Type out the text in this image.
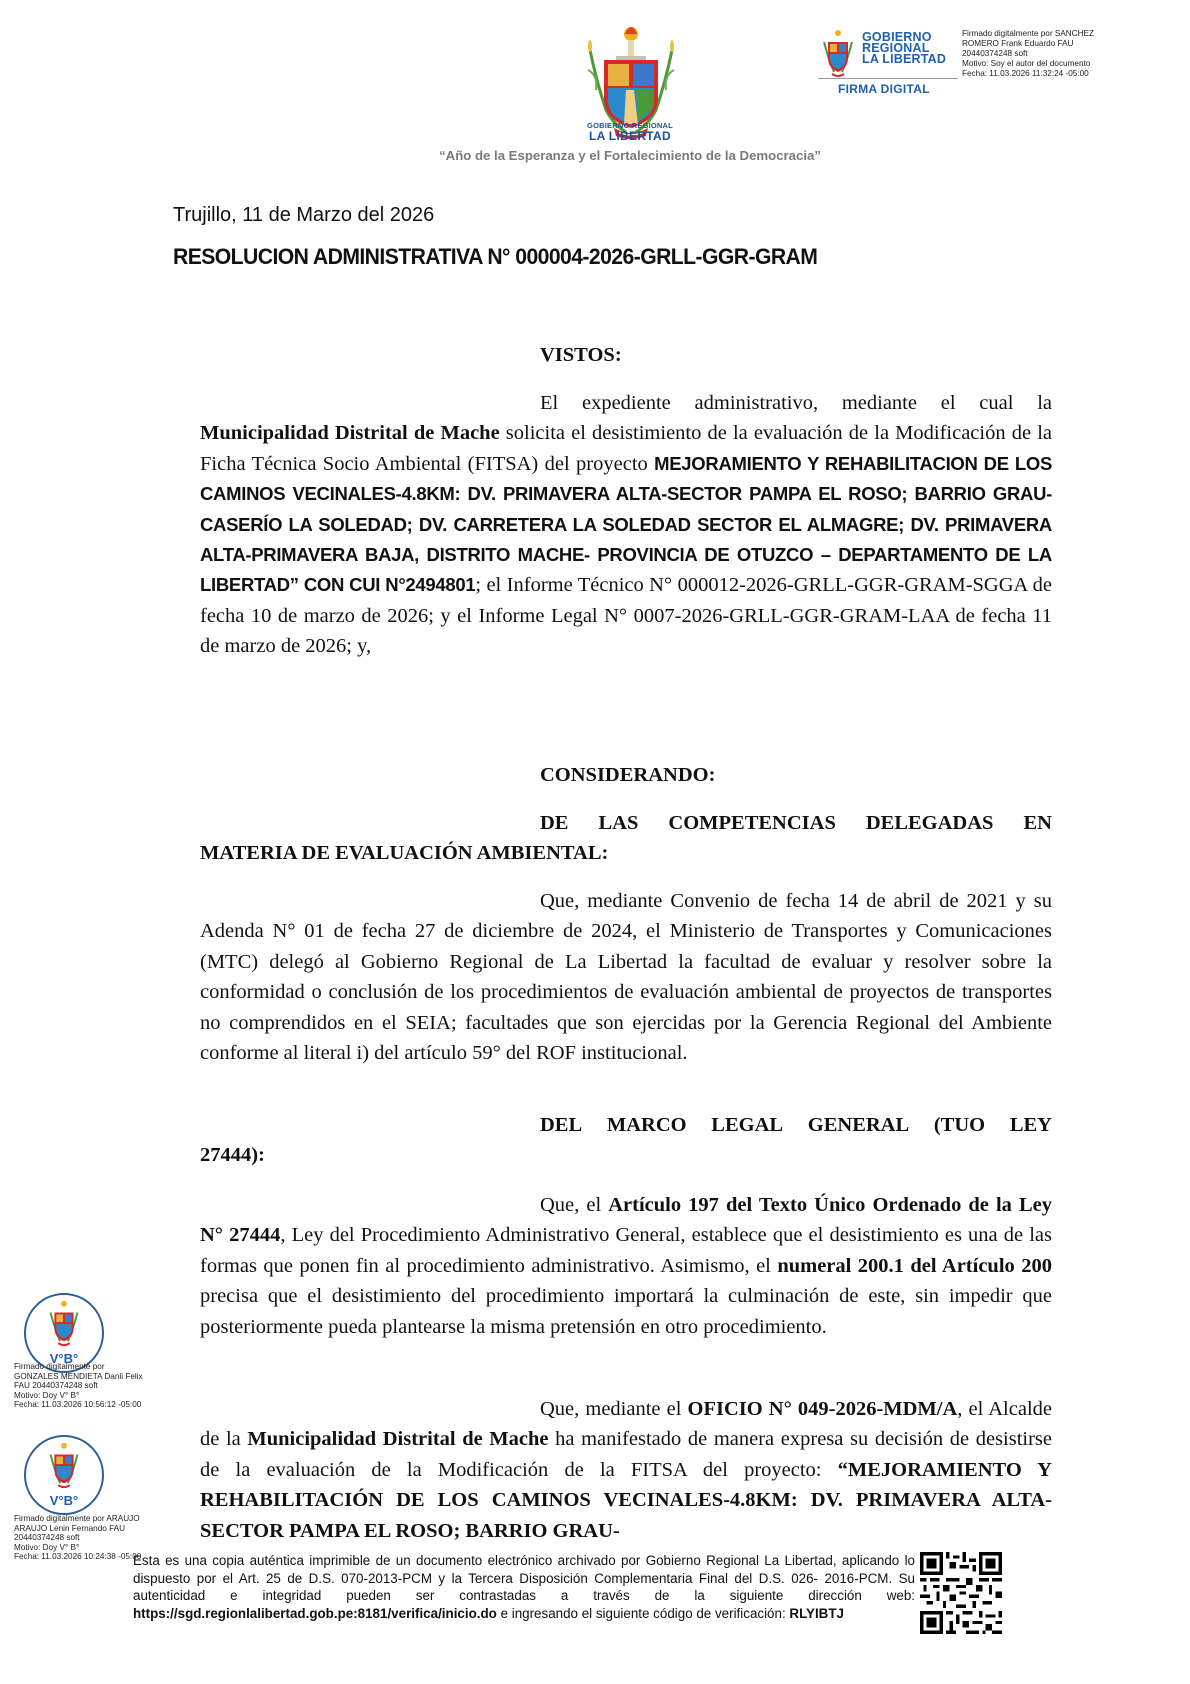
GOBIERNO REGIONAL
LA LIBERTAD
“Año de la Esperanza y el Fortalecimiento de la Democracia”
GOBIERNO
REGIONAL
LA LIBERTAD
FIRMA DIGITAL
Firmado digitalmente por SANCHEZ
ROMERO Frank Eduardo FAU
20440374248 soft
Motivo: Soy el autor del documento
Fecha: 11.03.2026 11:32:24 -05:00
Trujillo, 11 de Marzo del 2026
RESOLUCION ADMINISTRATIVA N° 000004-2026-GRLL-GGR-GRAM
VISTOS:
El expediente administrativo, mediante el cual la Municipalidad Distrital de Mache solicita el desistimiento de la evaluación de la Modificación de la Ficha Técnica Socio Ambiental (FITSA) del proyecto MEJORAMIENTO Y REHABILITACION DE LOS CAMINOS VECINALES-4.8KM: DV. PRIMAVERA ALTA-SECTOR PAMPA EL ROSO; BARRIO GRAU-CASERÍO LA SOLEDAD; DV. CARRETERA LA SOLEDAD SECTOR EL ALMAGRE; DV. PRIMAVERA ALTA-PRIMAVERA BAJA, DISTRITO MACHE- PROVINCIA DE OTUZCO – DEPARTAMENTO DE LA LIBERTAD” CON CUI N°2494801; el Informe Técnico N° 000012-2026-GRLL-GGR-GRAM-SGGA de fecha 10 de marzo de 2026; y el Informe Legal N° 0007-2026-GRLL-GGR-GRAM-LAA de fecha 11 de marzo de 2026; y,
CONSIDERANDO:
DE LAS COMPETENCIAS DELEGADAS EN
MATERIA DE EVALUACIÓN AMBIENTAL:
Que, mediante Convenio de fecha 14 de abril de 2021 y su Adenda N° 01 de fecha 27 de diciembre de 2024, el Ministerio de Transportes y Comunicaciones (MTC) delegó al Gobierno Regional de La Libertad la facultad de evaluar y resolver sobre la conformidad o conclusión de los procedimientos de evaluación ambiental de proyectos de transportes no comprendidos en el SEIA; facultades que son ejercidas por la Gerencia Regional del Ambiente conforme al literal i) del artículo 59° del ROF institucional.
DEL MARCO LEGAL GENERAL (TUO LEY
27444):
Que, el Artículo 197 del Texto Único Ordenado de la Ley N° 27444, Ley del Procedimiento Administrativo General, establece que el desistimiento es una de las formas que ponen fin al procedimiento administrativo. Asimismo, el numeral 200.1 del Artículo 200 precisa que el desistimiento del procedimiento importará la culminación de este, sin impedir que posteriormente pueda plantearse la misma pretensión en otro procedimiento.
Que, mediante el OFICIO N° 049-2026-MDM/A, el Alcalde de la Municipalidad Distrital de Mache ha manifestado de manera expresa su decisión de desistirse de la evaluación de la Modificación de la FITSA del proyecto: “MEJORAMIENTO Y REHABILITACIÓN DE LOS CAMINOS VECINALES-4.8KM: DV. PRIMAVERA ALTA-SECTOR PAMPA EL ROSO; BARRIO GRAU-
V°B°
Firmado digitalmente por
GONZALES MENDIETA Danli Felix
FAU 20440374248 soft
Motivo: Doy V° B°
Fecha: 11.03.2026 10:56:12 -05:00
V°B°
Firmado digitalmente por ARAUJO
ARAUJO Lenin Fernando FAU
20440374248 soft
Motivo: Doy V° B°
Fecha: 11.03.2026 10:24:38 -05:00
Esta es una copia auténtica imprimible de un documento electrónico archivado por Gobierno Regional La Libertad, aplicando lo dispuesto por el Art. 25 de D.S. 070-2013-PCM y la Tercera Disposición Complementaria Final del D.S. 026- 2016-PCM. Su autenticidad e integridad pueden ser contrastadas a través de la siguiente dirección web: https://sgd.regionlalibertad.gob.pe:8181/verifica/inicio.do e ingresando el siguiente código de verificación: RLYIBTJ
